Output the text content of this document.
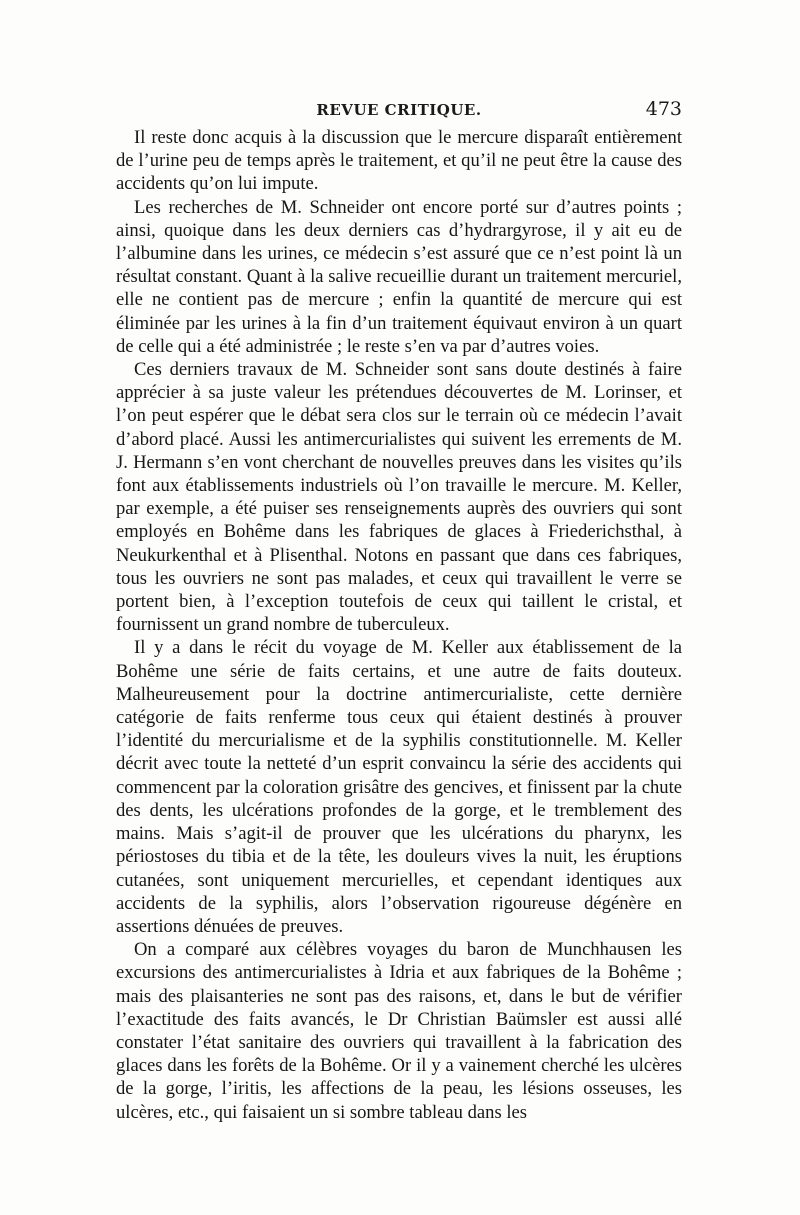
REVUE CRITIQUE.	473

Il reste donc acquis à la discussion que le mercure disparaît entièrement de l’urine peu de temps après le traitement, et qu’il ne peut être la cause des accidents qu’on lui impute.

Les recherches de M. Schneider ont encore porté sur d’autres points ; ainsi, quoique dans les deux derniers cas d’hydrargyrose, il y ait eu de l’albumine dans les urines, ce médecin s’est assuré que ce n’est point là un résultat constant. Quant à la salive recueillie durant un traitement mercuriel, elle ne contient pas de mercure ; enfin la quantité de mercure qui est éliminée par les urines à la fin d’un traitement équivaut environ à un quart de celle qui a été administrée ; le reste s’en va par d’autres voies.

Ces derniers travaux de M. Schneider sont sans doute destinés à faire apprécier à sa juste valeur les prétendues découvertes de M. Lorinser, et l’on peut espérer que le débat sera clos sur le terrain où ce médecin l’avait d’abord placé. Aussi les antimercurialistes qui suivent les errements de M. J. Hermann s’en vont cherchant de nouvelles preuves dans les visites qu’ils font aux établissements industriels où l’on travaille le mercure. M. Keller, par exemple, a été puiser ses renseignements auprès des ouvriers qui sont employés en Bohême dans les fabriques de glaces à Friederichsthal, à Neukurkenthal et à Plisenthal. Notons en passant que dans ces fabriques, tous les ouvriers ne sont pas malades, et ceux qui travaillent le verre se portent bien, à l’exception toutefois de ceux qui taillent le cristal, et fournissent un grand nombre de tuberculeux.

Il y a dans le récit du voyage de M. Keller aux établissement de la Bohême une série de faits certains, et une autre de faits douteux. Malheureusement pour la doctrine antimercurialiste, cette dernière catégorie de faits renferme tous ceux qui étaient destinés à prouver l’identité du mercurialisme et de la syphilis constitutionnelle. M. Keller décrit avec toute la netteté d’un esprit convaincu la série des accidents qui commencent par la coloration grisâtre des gencives, et finissent par la chute des dents, les ulcérations profondes de la gorge, et le tremblement des mains. Mais s’agit-il de prouver que les ulcérations du pharynx, les périostoses du tibia et de la tête, les douleurs vives la nuit, les éruptions cutanées, sont uniquement mercurielles, et cependant identiques aux accidents de la syphilis, alors l’observation rigoureuse dégénère en assertions dénuées de preuves.

On a comparé aux célèbres voyages du baron de Munchhausen les excursions des antimercurialistes à Idria et aux fabriques de la Bohême ; mais des plaisanteries ne sont pas des raisons, et, dans le but de vérifier l’exactitude des faits avancés, le Dr Christian Baümsler est aussi allé constater l’état sanitaire des ouvriers qui travaillent à la fabrication des glaces dans les forêts de la Bohême. Or il y a vainement cherché les ulcères de la gorge, l’iritis, les affections de la peau, les lésions osseuses, les ulcères, etc., qui faisaient un si sombre tableau dans les
